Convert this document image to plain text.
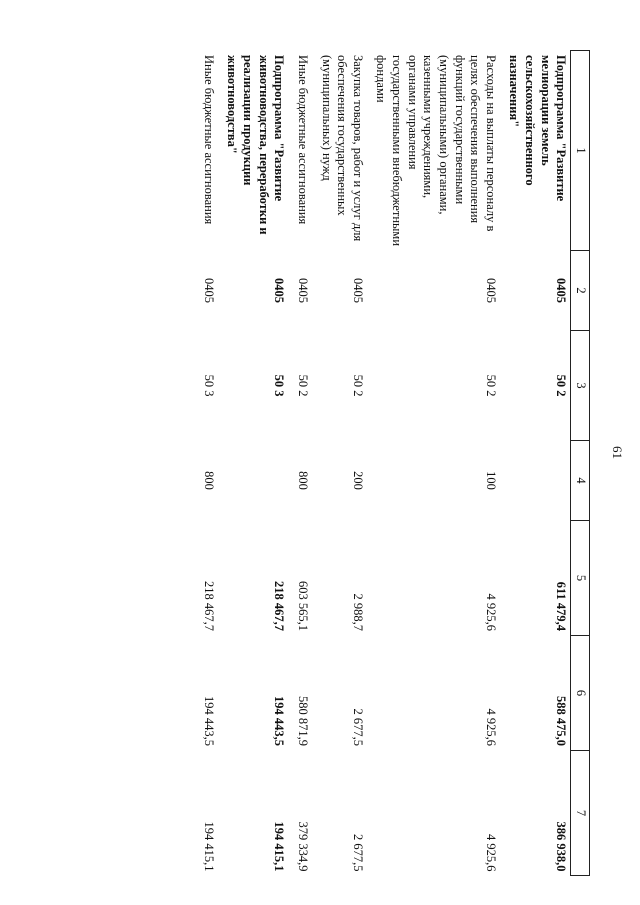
61
1	2	3	4	5	6	7
Подпрограмма "Развитие мелиорации земель сельскохозяйственного назначения"	0405	50 2		611 479,4	588 475,0	386 938,0
Расходы на выплаты персоналу в целях обеспечения выполнения функций государственными (муниципальными) органами, казенными учреждениями, органами управления государственными внебюджетными фондами	0405	50 2	100	4 925,6	4 925,6	4 925,6
Закупка товаров, работ и услуг для обеспечения государственных (муниципальных) нужд	0405	50 2	200	2 988,7	2 677,5	2 677,5
Иные бюджетные ассигнования	0405	50 2	800	603 565,1	580 871,9	379 334,9
Подпрограмма "Развитие животноводства, переработки и реализации продукции животноводства"	0405	50 3		218 467,7	194 443,5	194 415,1
Иные бюджетные ассигнования	0405	50 3	800	218 467,7	194 443,5	194 415,1
